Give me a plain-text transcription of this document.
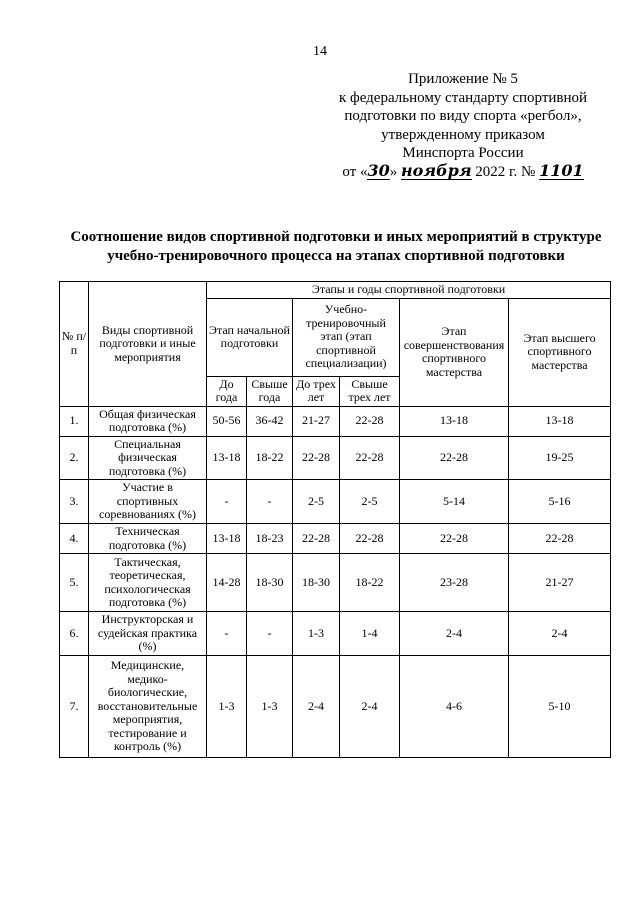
14
Приложение № 5
к федеральному стандарту спортивной
подготовки по виду спорта «регбол»,
утвержденному приказом
Минспорта России
от «30» ноября 2022 г. № 1101
Соотношение видов спортивной подготовки и иных мероприятий в структуре
учебно-тренировочного процесса на этапах спортивной подготовки
№ п/п	Виды спортивной подготовки и иные мероприятия	Этапы и годы спортивной подготовки					
		Этап начальной подготовки		Учебно-тренировочный этап (этап спортивной специализации)		Этап совершенствования спортивного мастерства	Этап высшего спортивного мастерства
		До года	Свыше года	До трех лет	Свыше трех лет		
1.	Общая физическая подготовка (%)	50-56	36-42	21-27	22-28	13-18	13-18
2.	Специальная физическая подготовка (%)	13-18	18-22	22-28	22-28	22-28	19-25
3.	Участие в спортивных соревнованиях (%)	-	-	2-5	2-5	5-14	5-16
4.	Техническая подготовка (%)	13-18	18-23	22-28	22-28	22-28	22-28
5.	Тактическая, теоретическая, психологическая подготовка (%)	14-28	18-30	18-30	18-22	23-28	21-27
6.	Инструкторская и судейская практика (%)	-	-	1-3	1-4	2-4	2-4
7.	Медицинские, медико-биологические, восстановительные мероприятия, тестирование и контроль (%)	1-3	1-3	2-4	2-4	4-6	5-10
